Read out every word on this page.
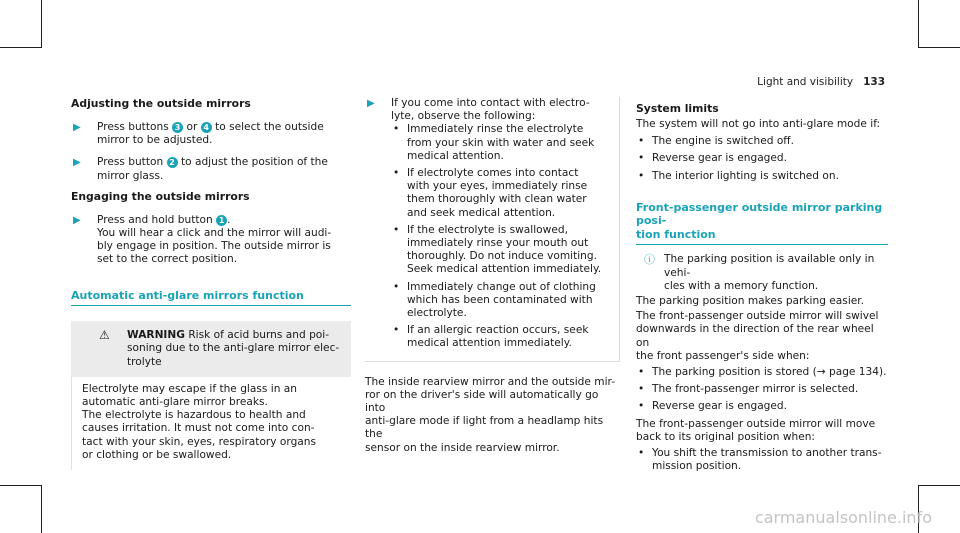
Light and visibility 133
Adjusting the outside mirrors
▶ Press buttons 3 or 4 to select the outside
mirror to be adjusted.

▶ Press button 2 to adjust the position of the
mirror glass.

Engaging the outside mirrors
▶ Press and hold button 1 .
You will hear a click and the mirror will audi-
bly engage in position. The outside mirror is
set to the correct position.

Automatic anti-glare mirrors function

⚠ WARNING Risk of acid burns and poi-
soning due to the anti-glare mirror elec-
trolyte

Electrolyte may escape if the glass in an
automatic anti-glare mirror breaks.
The electrolyte is hazardous to health and
causes irritation. It must not come into con-
tact with your skin, eyes, respiratory organs
or clothing or be swallowed.

▶ If you come into contact with electro-
lyte, observe the following:

• Immediately rinse the electrolyte
from your skin with water and seek
medical attention.
• If electrolyte comes into contact
with your eyes, immediately rinse
them thoroughly with clean water
and seek medical attention.
• If the electrolyte is swallowed,
immediately rinse your mouth out
thoroughly. Do not induce vomiting.
Seek medical attention immediately.
• Immediately change out of clothing
which has been contaminated with
electrolyte.
• If an allergic reaction occurs, seek
medical attention immediately.

The inside rearview mirror and the outside mir-
ror on the driver's side will automatically go into
anti-glare mode if light from a headlamp hits the
sensor on the inside rearview mirror.

System limits

The system will not go into anti-glare mode if:

• The engine is switched off.
• Reverse gear is engaged.
• The interior lighting is switched on.

Front-passenger outside mirror parking posi-
tion function

ⓘ The parking position is available only in vehi-
cles with a memory function.

The parking position makes parking easier.

The front-passenger outside mirror will swivel
downwards in the direction of the rear wheel on
the front passenger's side when:

• The parking position is stored (→ page 134).
• The front-passenger mirror is selected.
• Reverse gear is engaged.

The front-passenger outside mirror will move
back to its original position when:

• You shift the transmission to another trans-
mission position.
carmanualsonline.info
